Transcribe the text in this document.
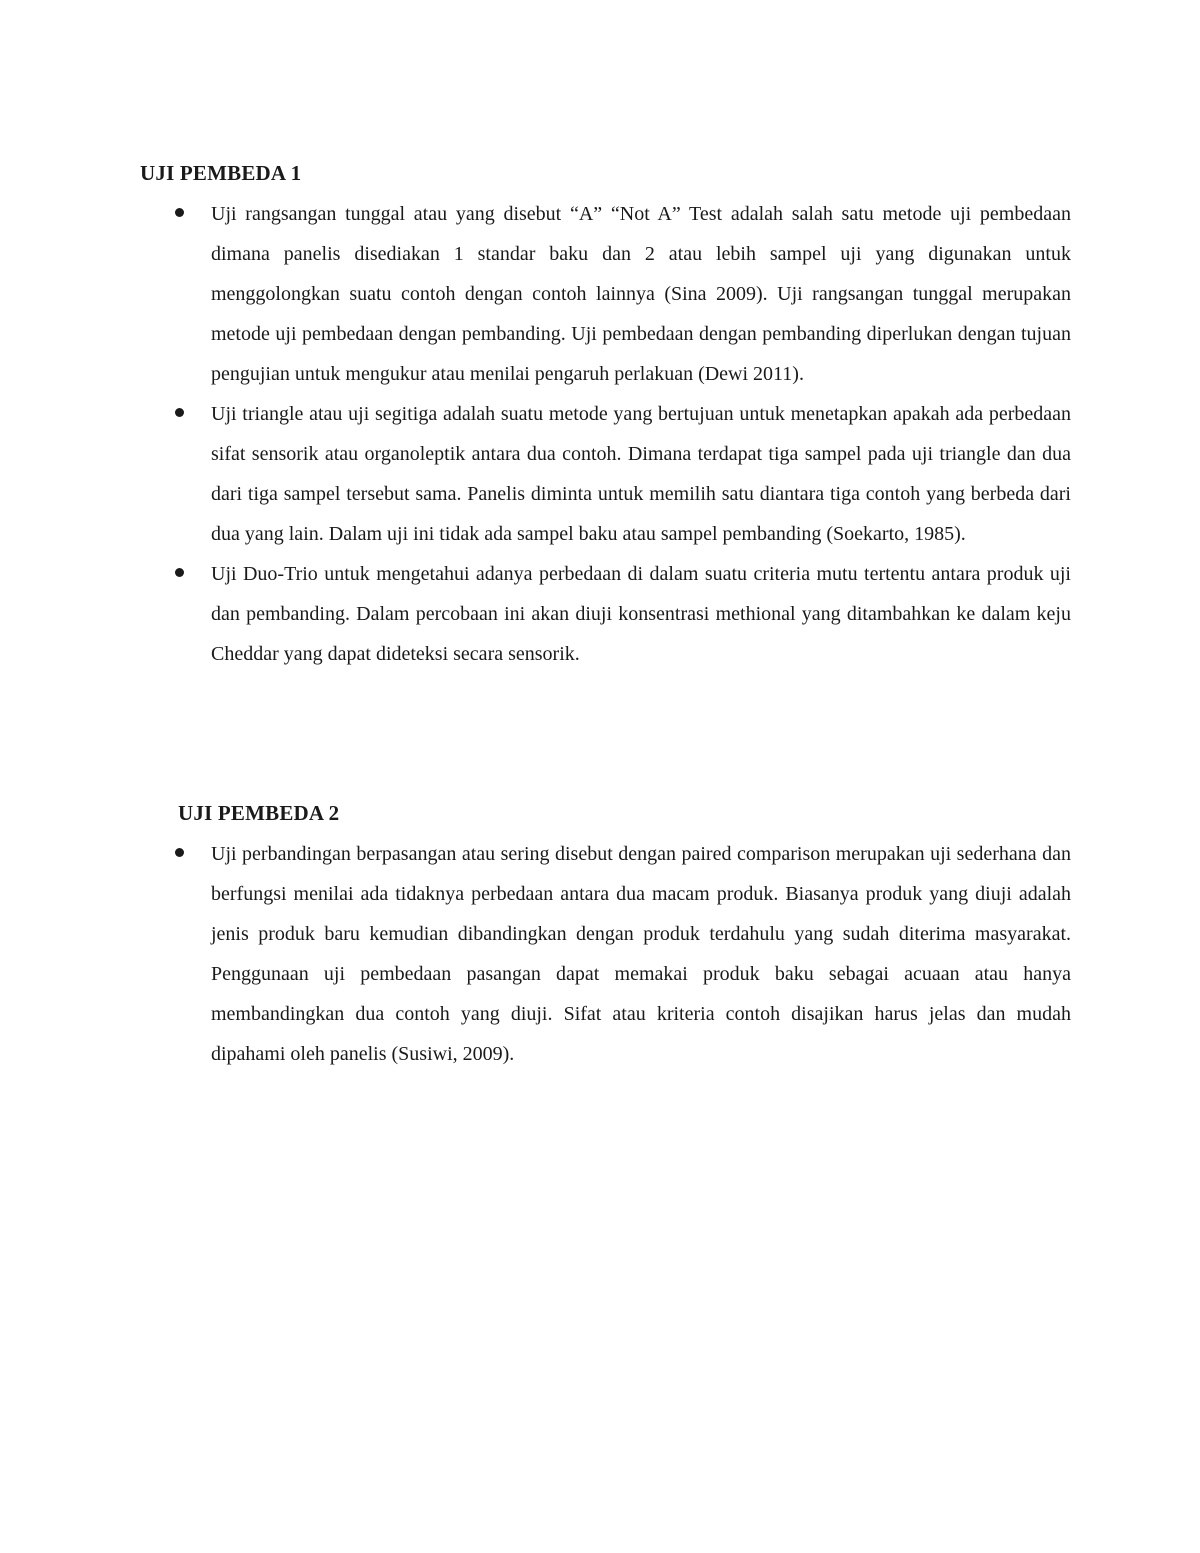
UJI PEMBEDA 1
Uji rangsangan tunggal atau yang disebut “A” “Not A” Test adalah salah satu metode uji pembedaan dimana panelis disediakan 1 standar baku dan 2 atau lebih sampel uji yang digunakan untuk menggolongkan suatu contoh dengan contoh lainnya (Sina 2009). Uji rangsangan tunggal merupakan metode uji pembedaan dengan pembanding. Uji pembedaan dengan pembanding diperlukan dengan tujuan pengujian untuk mengukur atau menilai pengaruh perlakuan (Dewi 2011).
Uji triangle atau uji segitiga adalah suatu metode yang bertujuan untuk menetapkan apakah ada perbedaan sifat sensorik atau organoleptik antara dua contoh. Dimana terdapat tiga sampel pada uji triangle dan dua dari tiga sampel tersebut sama. Panelis diminta untuk memilih satu diantara tiga contoh yang berbeda dari dua yang lain. Dalam uji ini tidak ada sampel baku atau sampel pembanding (Soekarto, 1985).
Uji Duo-Trio untuk mengetahui adanya perbedaan di dalam suatu criteria mutu tertentu antara produk uji dan pembanding. Dalam percobaan ini akan diuji konsentrasi methional yang ditambahkan ke dalam keju Cheddar yang dapat dideteksi secara sensorik.
UJI PEMBEDA 2
Uji perbandingan berpasangan atau sering disebut dengan paired comparison merupakan uji sederhana dan berfungsi menilai ada tidaknya perbedaan antara dua macam produk. Biasanya produk yang diuji adalah jenis produk baru kemudian dibandingkan dengan produk terdahulu yang sudah diterima masyarakat. Penggunaan uji pembedaan pasangan dapat memakai produk baku sebagai acuaan atau hanya membandingkan dua contoh yang diuji. Sifat atau kriteria contoh disajikan harus jelas dan mudah dipahami oleh panelis (Susiwi, 2009).
